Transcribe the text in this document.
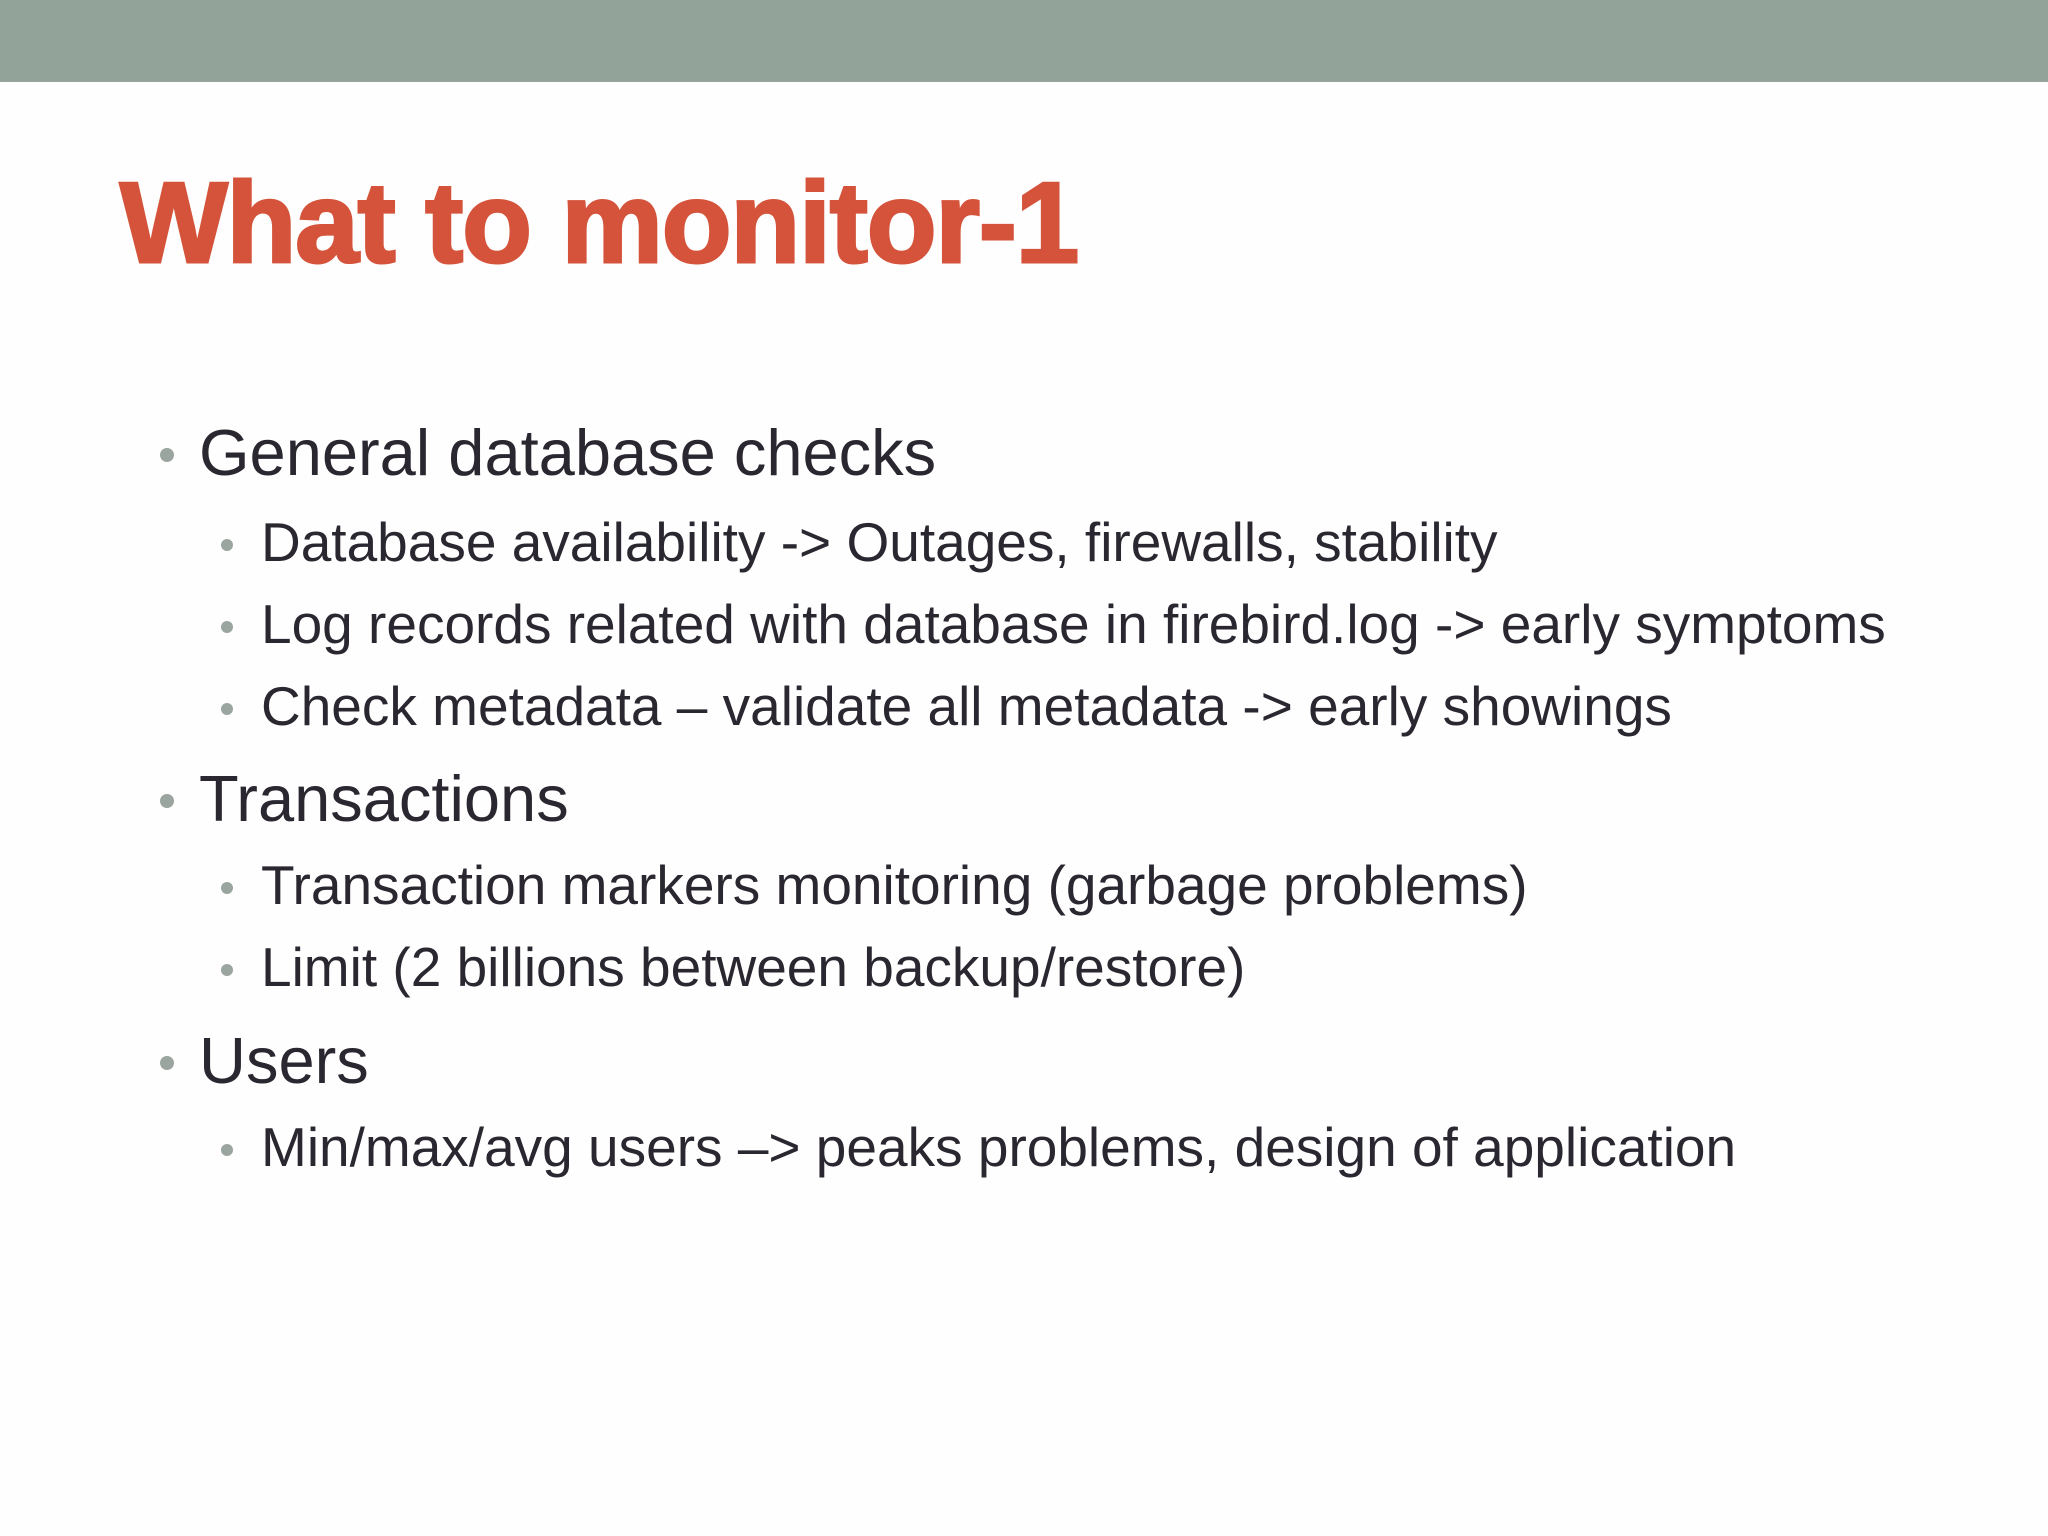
What to monitor-1
General database checks
Database availability -> Outages, firewalls, stability
Log records related with database in firebird.log -> early symptoms
Check metadata – validate all metadata -> early showings
Transactions
Transaction markers monitoring (garbage problems)
Limit (2 billions between backup/restore)
Users
Min/max/avg users –> peaks problems, design of application
